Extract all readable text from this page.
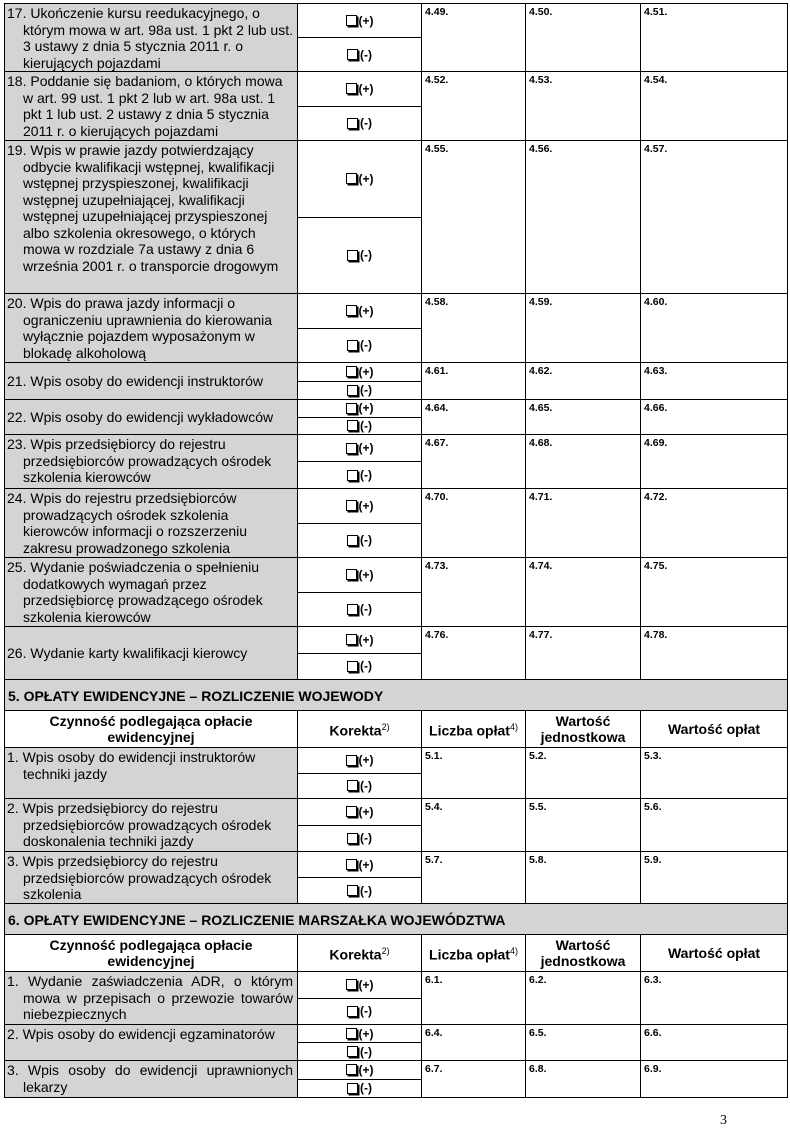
17. Ukończenie kursu reedukacyjnego, o którym mowa w art. 98a ust. 1 pkt 2 lub ust. 3 ustawy z dnia 5 stycznia 2011 r. o kierujących pojazdami	(+)
(-)	4.49.	4.50.	4.51.

18. Poddanie się badaniom, o których mowa w art. 99 ust. 1 pkt 2 lub w art. 98a ust. 1 pkt 1 lub ust. 2 ustawy z dnia 5 stycznia 2011 r. o kierujących pojazdami	(+)
(-)	4.52.	4.53.	4.54.

19. Wpis w prawie jazdy potwierdzający odbycie kwalifikacji wstępnej, kwalifikacji wstępnej przyspieszonej, kwalifikacji wstępnej uzupełniającej, kwalifikacji wstępnej uzupełniającej przyspieszonej albo szkolenia okresowego, o których mowa w rozdziale 7a ustawy z dnia 6 września 2001 r. o transporcie drogowym	(+)
(-)	4.55.	4.56.	4.57.

20. Wpis do prawa jazdy informacji o ograniczeniu uprawnienia do kierowania wyłącznie pojazdem wyposażonym w blokadę alkoholową	(+)
(-)	4.58.	4.59.	4.60.

21. Wpis osoby do ewidencji instruktorów	(+)
(-)	4.61.	4.62.	4.63.

22. Wpis osoby do ewidencji wykładowców	(+)
(-)	4.64.	4.65.	4.66.

23. Wpis przedsiębiorcy do rejestru przedsiębiorców prowadzących ośrodek szkolenia kierowców	(+)
(-)	4.67.	4.68.	4.69.

24. Wpis do rejestru przedsiębiorców prowadzących ośrodek szkolenia kierowców informacji o rozszerzeniu zakresu prowadzonego szkolenia	(+)
(-)	4.70.	4.71.	4.72.

25. Wydanie poświadczenia o spełnieniu dodatkowych wymagań przez przedsiębiorcę prowadzącego ośrodek szkolenia kierowców	(+)
(-)	4.73.	4.74.	4.75.

26. Wydanie karty kwalifikacji kierowcy	(+)
(-)	4.76.	4.77.	4.78.
5. OPŁATY EWIDENCYJNE – ROZLICZENIE WOJEWODY				
Czynność podlegająca opłacie ewidencyjnej	Korekta$^{2)}$	Liczba opłat$^{4)}$	Wartość jednostkowa	Wartość opłat

1. Wpis osoby do ewidencji instruktorów techniki jazdy	(+)
(-)	5.1.	5.2.	5.3.

2. Wpis przedsiębiorcy do rejestru przedsiębiorców prowadzących ośrodek doskonalenia techniki jazdy	(+)
(-)	5.4.	5.5.	5.6.

3. Wpis przedsiębiorcy do rejestru przedsiębiorców prowadzących ośrodek szkolenia	(+)
(-)	5.7.	5.8.	5.9.
6. OPŁATY EWIDENCYJNE – ROZLICZENIE MARSZAŁKA WOJEWÓDZTWA				
Czynność podlegająca opłacie ewidencyjnej	Korekta$^{2)}$	Liczba opłat$^{4)}$	Wartość jednostkowa	Wartość opłat

1. Wydanie zaświadczenia ADR, o którym mowa w przepisach o przewozie towarów niebezpiecznych	(+)
(-)	6.1.	6.2.	6.3.

2. Wpis osoby do ewidencji egzaminatorów	(+)
(-)	6.4.	6.5.	6.6.

3. Wpis osoby do ewidencji uprawnionych lekarzy	(+)
(-)	6.7.	6.8.	6.9.
3
